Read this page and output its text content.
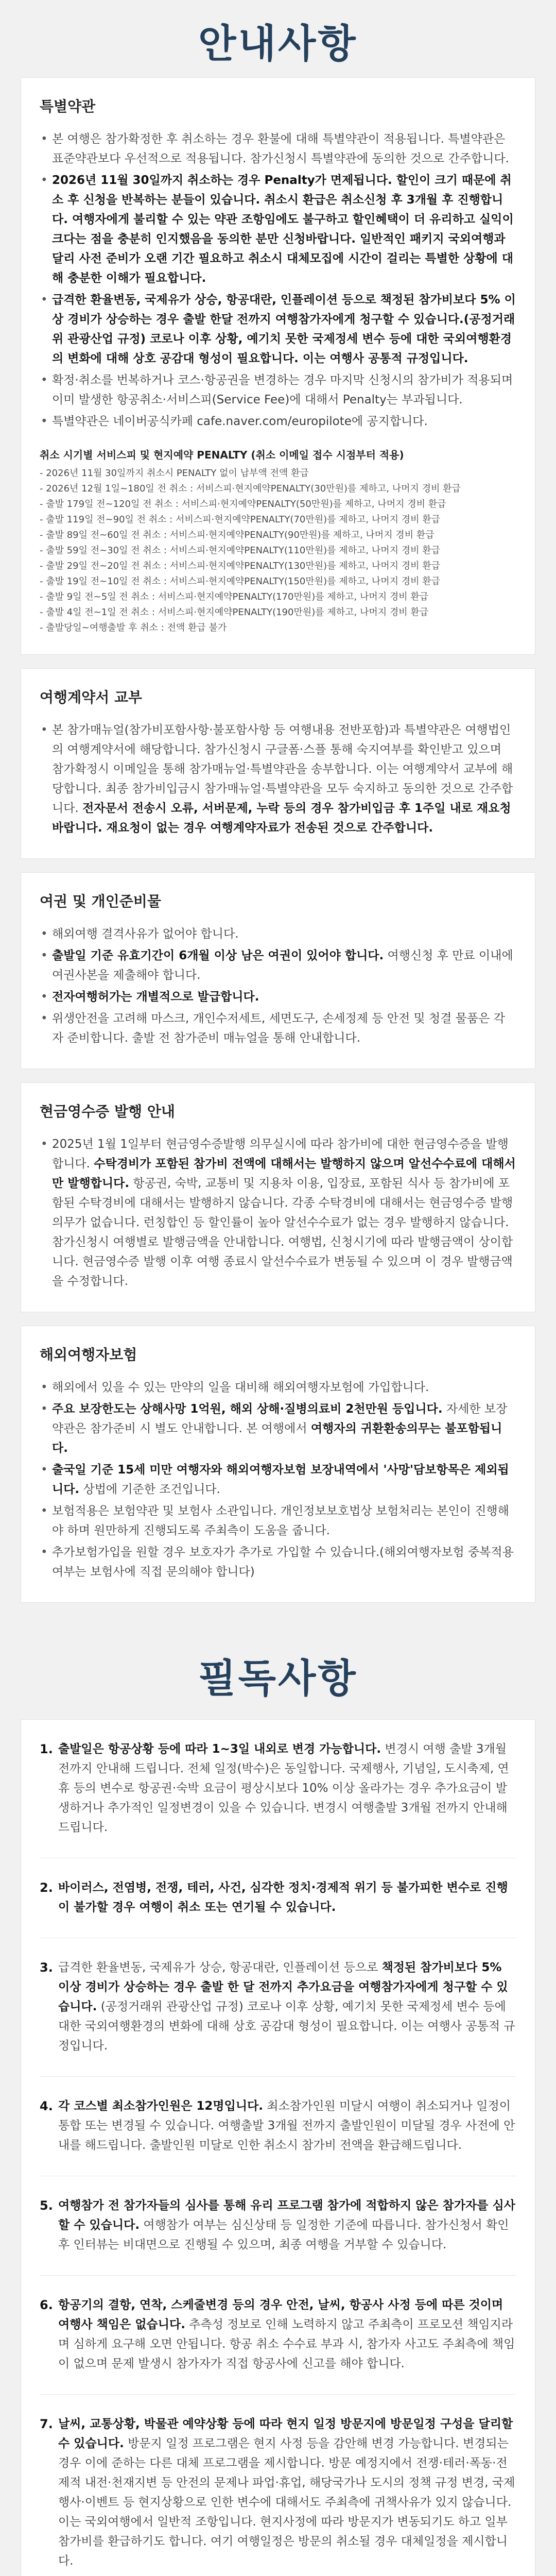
안내사항
특별약관
• 본 여행은 참가확정한 후 취소하는 경우 환불에 대해 특별약관이 적용됩니다. 특별약관은 표준약관보다 우선적으로 적용됩니다. 참가신청시 특별약관에 동의한 것으로 간주합니다.
• 2026년 11월 30일까지 취소하는 경우 Penalty가 면제됩니다. 할인이 크기 때문에 취소 후 신청을 반복하는 분들이 있습니다. 취소시 환급은 취소신청 후 3개월 후 진행합니다. 여행자에게 불리할 수 있는 약관 조항임에도 불구하고 할인혜택이 더 유리하고 실익이 크다는 점을 충분히 인지했음을 동의한 분만 신청바랍니다. 일반적인 패키지 국외여행과 달리 사전 준비가 오랜 기간 필요하고 취소시 대체모집에 시간이 걸리는 특별한 상황에 대해 충분한 이해가 필요합니다.
• 급격한 환율변동, 국제유가 상승, 항공대란, 인플레이션 등으로 책정된 참가비보다 5% 이상 경비가 상승하는 경우 출발 한달 전까지 여행참가자에게 청구할 수 있습니다.(공정거래위 관광산업 규정) 코로나 이후 상황, 예기치 못한 국제정세 변수 등에 대한 국외여행환경의 변화에 대해 상호 공감대 형성이 필요합니다. 이는 여행사 공통적 규정입니다.
• 확정·취소를 번복하거나 코스·항공권을 변경하는 경우 마지막 신청시의 참가비가 적용되며 이미 발생한 항공취소·서비스피(Service Fee)에 대해서 Penalty는 부과됩니다.
• 특별약관은 네이버공식카페 cafe.naver.com/europilote에 공지합니다.
취소 시기별 서비스피 및 현지예약 PENALTY (취소 이메일 접수 시점부터 적용)
- 2026년 11월 30일까지 취소시 PENALTY 없이 납부액 전액 환급
- 2026년 12월 1일~180일 전 취소 : 서비스피·현지예약PENALTY(30만원)를 제하고, 나머지 경비 환급
- 출발 179일 전~120일 전 취소 : 서비스피·현지예약PENALTY(50만원)를 제하고, 나머지 경비 환급
- 출발 119일 전~90일 전 취소 : 서비스피·현지예약PENALTY(70만원)를 제하고, 나머지 경비 환급
- 출발 89일 전~60일 전 취소 : 서비스피·현지예약PENALTY(90만원)를 제하고, 나머지 경비 환급
- 출발 59일 전~30일 전 취소 : 서비스피·현지예약PENALTY(110만원)를 제하고, 나머지 경비 환급
- 출발 29일 전~20일 전 취소 : 서비스피·현지예약PENALTY(130만원)를 제하고, 나머지 경비 환급
- 출발 19일 전~10일 전 취소 : 서비스피·현지예약PENALTY(150만원)를 제하고, 나머지 경비 환급
- 출발 9일 전~5일 전 취소 : 서비스피·현지예약PENALTY(170만원)를 제하고, 나머지 경비 환급
- 출발 4일 전~1일 전 취소 : 서비스피·현지예약PENALTY(190만원)를 제하고, 나머지 경비 환급
- 출발당일~여행출발 후 취소 : 전액 환급 불가
여행계약서 교부
• 본 참가매뉴얼(참가비포함사항·불포함사항 등 여행내용 전반포함)과 특별약관은 여행법인의 여행계약서에 해당합니다. 참가신청시 구글폼·스플 통해 숙지여부를 확인받고 있으며 참가확정시 이메일을 통해 참가매뉴얼·특별약관을 송부합니다. 이는 여행계약서 교부에 해당합니다. 최종 참가비입금시 참가매뉴얼·특별약관을 모두 숙지하고 동의한 것으로 간주합니다. 전자문서 전송시 오류, 서버문제, 누락 등의 경우 참가비입금 후 1주일 내로 재요청 바랍니다. 재요청이 없는 경우 여행계약자료가 전송된 것으로 간주합니다.
여권 및 개인준비물
• 해외여행 결격사유가 없어야 합니다.
• 출발일 기준 유효기간이 6개월 이상 남은 여권이 있어야 합니다. 여행신청 후 만료 이내에 여권사본을 제출해야 합니다.
• 전자여행허가는 개별적으로 발급합니다.
• 위생안전을 고려해 마스크, 개인수저세트, 세면도구, 손세정제 등 안전 및 청결 물품은 각자 준비합니다. 출발 전 참가준비 매뉴얼을 통해 안내합니다.
현금영수증 발행 안내
• 2025년 1월 1일부터 현금영수증발행 의무실시에 따라 참가비에 대한 현금영수증을 발행합니다. 수탁경비가 포함된 참가비 전액에 대해서는 발행하지 않으며 알선수수료에 대해서만 발행합니다. 항공권, 숙박, 교통비 및 지용차 이용, 입장료, 포함된 식사 등 참가비에 포함된 수탁경비에 대해서는 발행하지 않습니다. 각종 수탁경비에 대해서는 현금영수증 발행 의무가 없습니다. 런칭합인 등 할인률이 높아 알선수수료가 없는 경우 발행하지 않습니다. 참가신청시 여행별로 발행금액을 안내합니다. 여행법, 신청시기에 따라 발행금액이 상이합니다. 현금영수증 발행 이후 여행 종료시 알선수수료가 변동될 수 있으며 이 경우 발행금액을 수정합니다.
해외여행자보험
• 해외에서 있을 수 있는 만약의 일을 대비해 해외여행자보험에 가입합니다.
• 주요 보장한도는 상해사망 1억원, 해외 상해·질병의료비 2천만원 등입니다. 자세한 보장약관은 참가준비 시 별도 안내합니다. 본 여행에서 여행자의 귀환환송의무는 불포함됩니다.
• 출국일 기준 15세 미만 여행자와 해외여행자보험 보장내역에서 '사망'담보항목은 제외됩니다. 상법에 기준한 조건입니다.
• 보험적용은 보험약관 및 보험사 소관입니다. 개인정보보호법상 보험처리는 본인이 진행해야 하며 원만하게 진행되도록 주최측이 도움을 줍니다.
• 추가보험가입을 원할 경우 보호자가 추가로 가입할 수 있습니다.(해외여행자보험 중복적용 여부는 보험사에 직접 문의해야 합니다)
필독사항
1. 출발일은 항공상황 등에 따라 1~3일 내외로 변경 가능합니다. 변경시 여행 출발 3개월 전까지 안내해 드립니다. 전체 일정(박수)은 동일합니다. 국제행사, 기념일, 도시축제, 연휴 등의 변수로 항공권·숙박 요금이 평상시보다 10% 이상 올라가는 경우 추가요금이 발생하거나 추가적인 일정변경이 있을 수 있습니다. 변경시 여행출발 3개월 전까지 안내해 드립니다.
2. 바이러스, 전염병, 전쟁, 테러, 사건, 심각한 정치·경제적 위기 등 불가피한 변수로 진행이 불가할 경우 여행이 취소 또는 연기될 수 있습니다.
3. 급격한 환율변동, 국제유가 상승, 항공대란, 인플레이션 등으로 책정된 참가비보다 5% 이상 경비가 상승하는 경우 출발 한 달 전까지 추가요금을 여행참가자에게 청구할 수 있습니다. (공정거래위 관광산업 규정) 코로나 이후 상황, 예기치 못한 국제정세 변수 등에 대한 국외여행환경의 변화에 대해 상호 공감대 형성이 필요합니다. 이는 여행사 공통적 규정입니다.
4. 각 코스별 최소참가인원은 12명입니다. 최소참가인원 미달시 여행이 취소되거나 일정이 통합 또는 변경될 수 있습니다. 여행출발 3개월 전까지 출발인원이 미달될 경우 사전에 안내를 해드립니다. 출발인원 미달로 인한 취소시 참가비 전액을 환급해드립니다.
5. 여행참가 전 참가자들의 심사를 통해 유리 프로그램 참가에 적합하지 않은 참가자를 심사할 수 있습니다. 여행참가 여부는 심신상태 등 일정한 기준에 따릅니다. 참가신청서 확인 후 인터뷰는 비대면으로 진행될 수 있으며, 최종 여행을 거부할 수 있습니다.
6. 항공기의 결항, 연착, 스케줄변경 등의 경우 안전, 날씨, 항공사 사정 등에 따른 것이며 여행사 책임은 없습니다. 추측성 정보로 인해 노력하지 않고 주최측이 프로모션 책임지라며 심하게 요구해 오면 안됩니다. 항공 취소 수수료 부과 시, 참가자 사고도 주최측에 책임이 없으며 문제 발생시 참가자가 직접 항공사에 신고를 해야 합니다.
7. 날씨, 교통상황, 박물관 예약상황 등에 따라 현지 일정 방문지에 방문일정 구성을 달리할 수 있습니다. 방문지 일정 프로그램은 현지 사정 등을 감안해 변경 가능합니다. 변경되는 경우 이에 준하는 다른 대체 프로그램을 제시합니다. 방문 예정지에서 전쟁·테러·폭동·전제적 내전·천재지변 등 안전의 문제나 파업·휴업, 해당국가나 도시의 정책 규정 변경, 국제행사·이벤트 등 현지상황으로 인한 변수에 대해서도 주최측에 귀책사유가 있지 않습니다. 이는 국외여행에서 일반적 조항입니다. 현지사정에 따라 방문지가 변동되기도 하고 일부 참가비를 환급하기도 합니다. 여기 여행일정은 방문의 취소될 경우 대체일정을 제시합니다.
